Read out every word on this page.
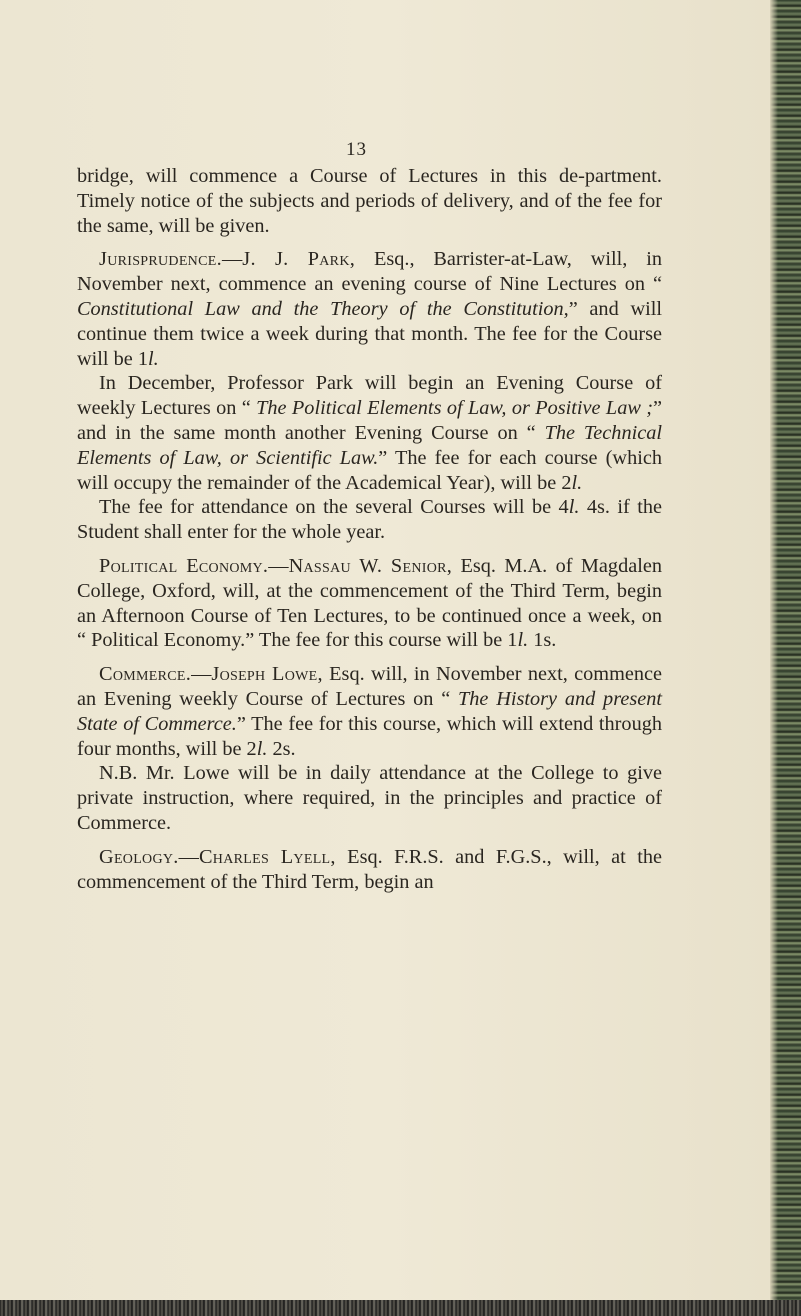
13

bridge, will commence a Course of Lectures in this de-partment. Timely notice of the subjects and periods of delivery, and of the fee for the same, will be given.

Jurisprudence.—J. J. Park, Esq., Barrister-at-Law, will, in November next, commence an evening course of Nine Lectures on “ Constitutional Law and the Theory of the Constitution,” and will continue them twice a week during that month. The fee for the Course will be 1l.

In December, Professor Park will begin an Evening Course of weekly Lectures on “ The Political Elements of Law, or Positive Law ;” and in the same month another Evening Course on “ The Technical Elements of Law, or Scientific Law.” The fee for each course (which will occupy the remainder of the Academical Year), will be 2l.

The fee for attendance on the several Courses will be 4l. 4s. if the Student shall enter for the whole year.

Political Economy.—Nassau W. Senior, Esq. M.A. of Magdalen College, Oxford, will, at the commencement of the Third Term, begin an Afternoon Course of Ten Lectures, to be continued once a week, on “ Political Economy.” The fee for this course will be 1l. 1s.

Commerce.—Joseph Lowe, Esq. will, in November next, commence an Evening weekly Course of Lectures on “ The History and present State of Commerce.” The fee for this course, which will extend through four months, will be 2l. 2s.

N.B. Mr. Lowe will be in daily attendance at the College to give private instruction, where required, in the principles and practice of Commerce.

Geology.—Charles Lyell, Esq. F.R.S. and F.G.S., will, at the commencement of the Third Term, begin an
